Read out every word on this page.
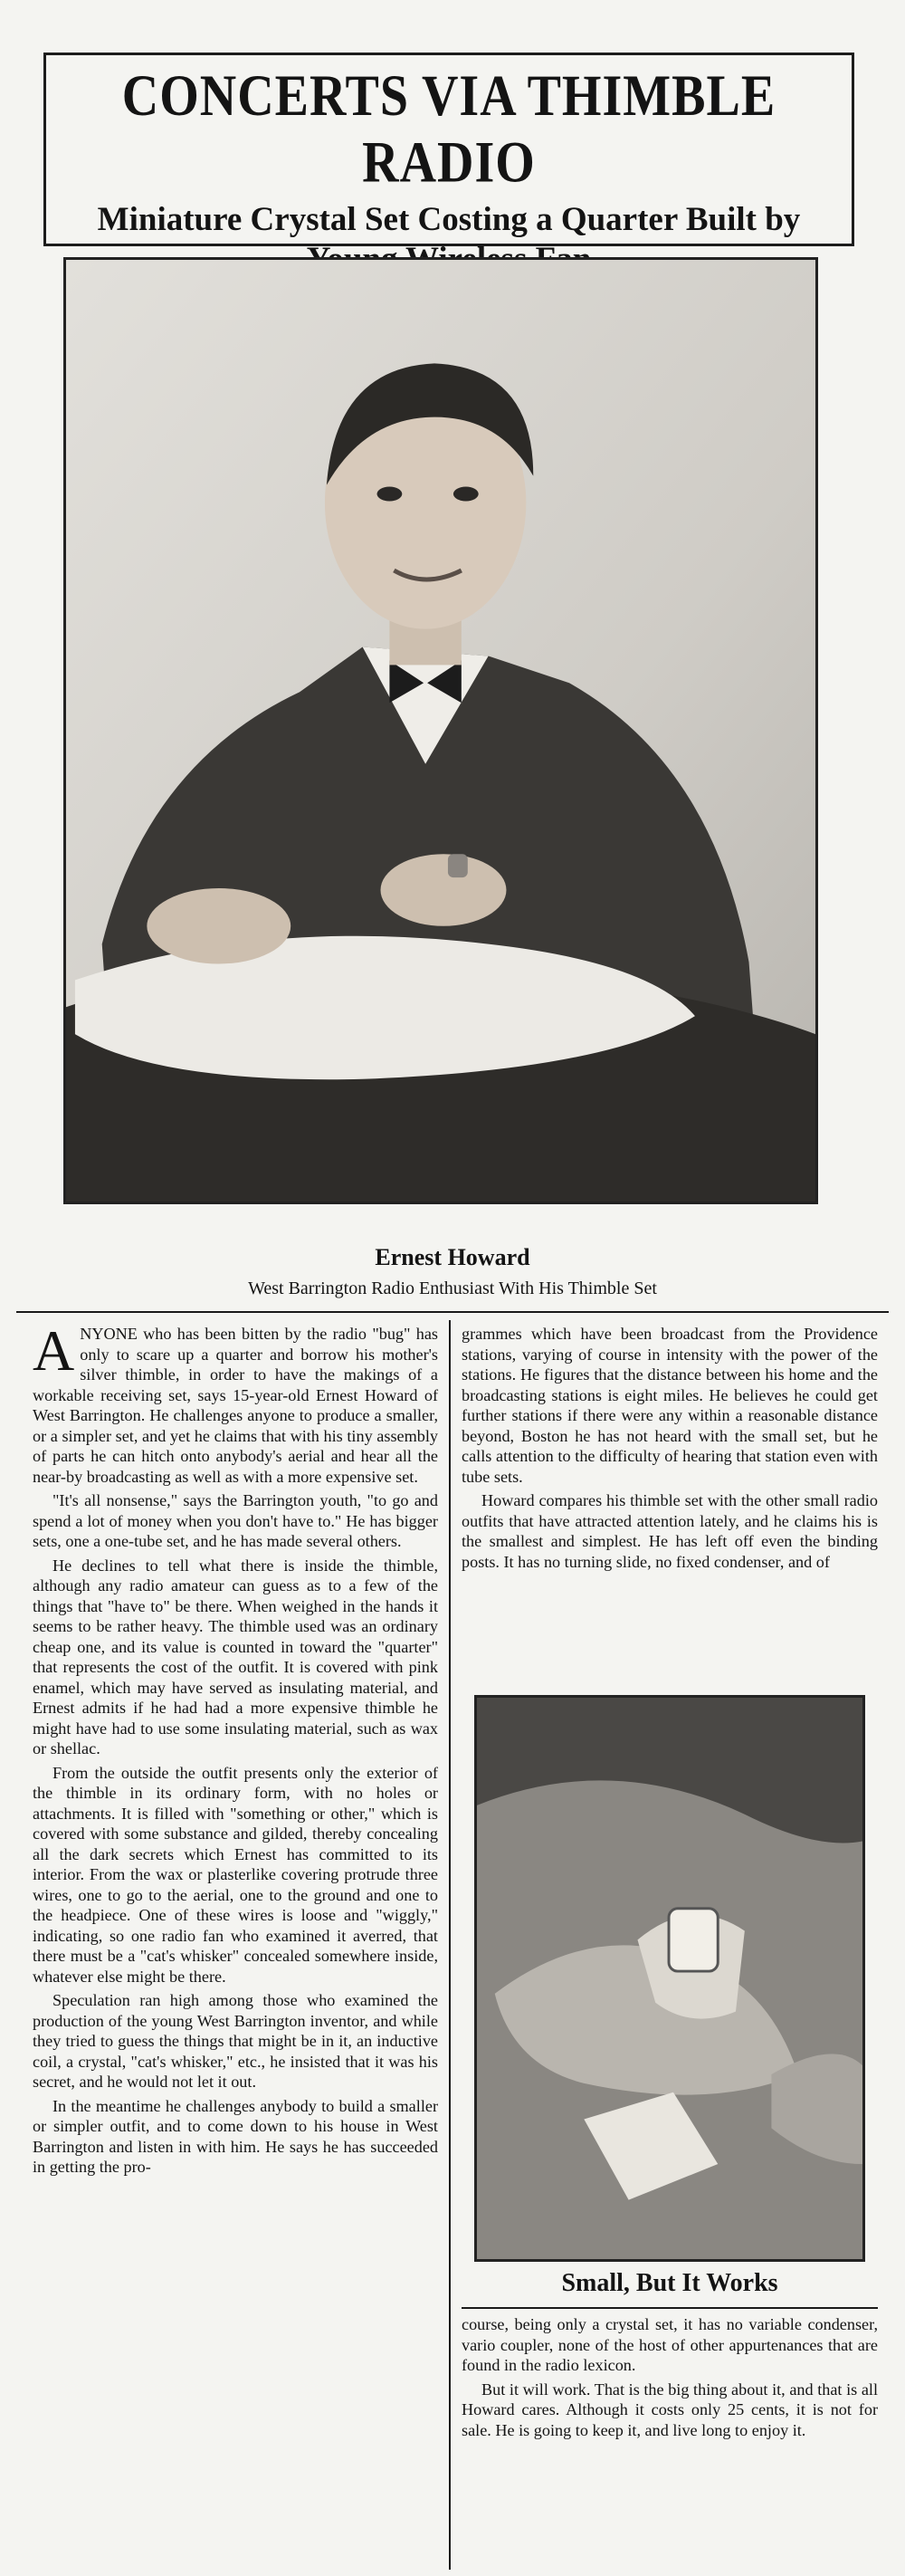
CONCERTS VIA THIMBLE RADIO
Miniature Crystal Set Costing a Quarter Built by
Ernest Howard
West Barrington Radio Enthusiast With His Thimble Set

ANYONE who has been bitten by the radio "bug" has only to scare up a quarter and borrow his mother's silver thimble, in order to have the makings of a workable receiving set, says 15-year-old Ernest Howard of West Barrington. He challenges anyone to produce a smaller, or a simpler set, and yet he claims that with his tiny assembly of parts he can hitch onto anybody's aerial and hear all the near-by broadcasting as well as with a more expensive set.

"It's all nonsense," says the Barrington youth, "to go and spend a lot of money when you don't have to." He has bigger sets, one a one-tube set, and he has made several others.

He declines to tell what there is inside the thimble, although any radio amateur can guess as to a few of the things that "have to" be there. When weighed in the hands it seems to be rather heavy. The thimble used was an ordinary cheap one, and its value is counted in toward the "quarter" that represents the cost of the outfit. It is covered with pink enamel, which may have served as insulating material, and Ernest admits if he had had a more expensive thimble he might have had to use some insulating material, such as wax or shellac.

From the outside the outfit presents only the exterior of the thimble in its ordinary form, with no holes or attachments. It is filled with "something or other," which is covered with some substance and gilded, thereby concealing all the dark secrets which Ernest has committed to its interior. From the wax or plasterlike covering protrude three wires, one to go to the aerial, one to the ground and one to the headpiece. One of these wires is loose and "wiggly," indicating, so one radio fan who examined it averred, that there must be a "cat's whisker" concealed somewhere inside, whatever else might be there.

Speculation ran high among those who examined the production of the young West Barrington inventor, and while they tried to guess the things that might be in it, an inductive coil, a crystal, "cat's whisker," etc., he insisted that it was his secret, and he would not let it out.

In the meantime he challenges anybody to build a smaller or simpler outfit, and to come down to his house in West Barrington and listen in with him. He says he has succeeded in getting the pro-

grammes which have been broadcast from the Providence stations, varying of course in intensity with the power of the stations. He figures that the distance between his home and the broadcasting stations is eight miles. He believes he could get further stations if there were any within a reasonable distance beyond, Boston he has not heard with the small set, but he calls attention to the difficulty of hearing that station even with tube sets.

Howard compares his thimble set with the other small radio outfits that have attracted attention lately, and he claims his is the smallest and simplest. He has left off even the binding posts. It has no turning slide, no fixed condenser, and of

Small, But It Works

course, being only a crystal set, it has no variable condenser, vario coupler, none of the host of other appurtenances that are found in the radio lexicon.

But it will work. That is the big thing about it, and that is all Howard cares. Although it costs only 25 cents, it is not for sale. He is going to keep it, and live long to enjoy it.
